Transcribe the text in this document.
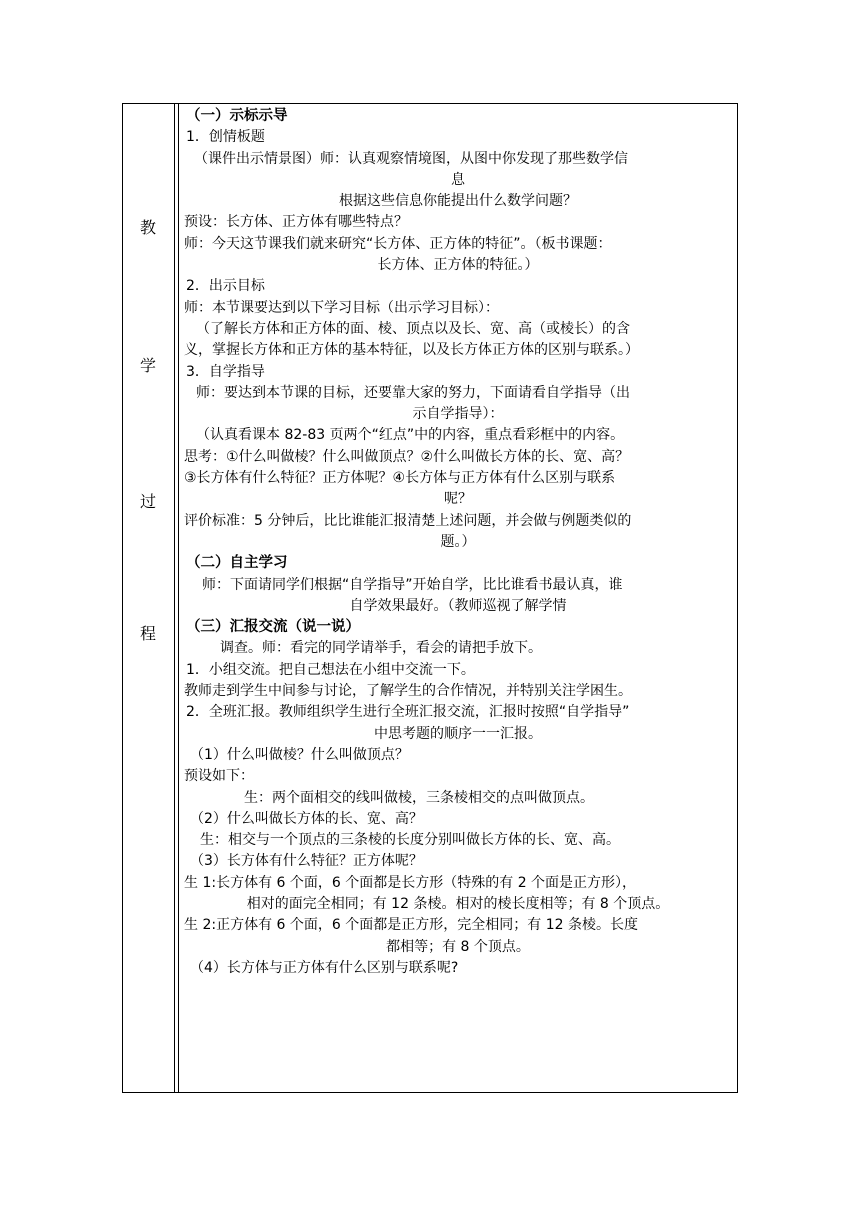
教
学
过
程
（一）示标示导
1．创情板题
（课件出示情景图）师：认真观察情境图，从图中你发现了那些数学信
息
根据这些信息你能提出什么数学问题？
预设：长方体、正方体有哪些特点？
师：今天这节课我们就来研究“长方体、正方体的特征”。（板书课题：
长方体、正方体的特征。）
2．出示目标
师：本节课要达到以下学习目标（出示学习目标）：
（了解长方体和正方体的面、棱、顶点以及长、宽、高（或棱长）的含
义，掌握长方体和正方体的基本特征，以及长方体正方体的区别与联系。）
3．自学指导
师：要达到本节课的目标，还要靠大家的努力，下面请看自学指导（出
示自学指导）：
（认真看课本 82-83 页两个“红点”中的内容，重点看彩框中的内容。
思考：①什么叫做棱？什么叫做顶点？②什么叫做长方体的长、宽、高？
③长方体有什么特征？正方体呢？④长方体与正方体有什么区别与联系
呢？
评价标准：5 分钟后，比比谁能汇报清楚上述问题，并会做与例题类似的
题。）
（二）自主学习
师：下面请同学们根据“自学指导”开始自学，比比谁看书最认真，谁
自学效果最好。（教师巡视了解学情
（三）汇报交流（说一说）
调查。师：看完的同学请举手，看会的请把手放下。
1．小组交流。把自己想法在小组中交流一下。
教师走到学生中间参与讨论，了解学生的合作情况，并特别关注学困生。
2．全班汇报。教师组织学生进行全班汇报交流，汇报时按照“自学指导”
中思考题的顺序一一汇报。
（1）什么叫做棱？什么叫做顶点？
预设如下：
生：两个面相交的线叫做棱，三条棱相交的点叫做顶点。
（2）什么叫做长方体的长、宽、高？
生：相交与一个顶点的三条棱的长度分别叫做长方体的长、宽、高。
（3）长方体有什么特征？正方体呢？
生 1:长方体有 6 个面，6 个面都是长方形（特殊的有 2 个面是正方形），
相对的面完全相同；有 12 条棱。相对的棱长度相等；有 8 个顶点。
生 2:正方体有 6 个面，6 个面都是正方形，完全相同；有 12 条棱。长度
都相等；有 8 个顶点。
（4）长方体与正方体有什么区别与联系呢?
